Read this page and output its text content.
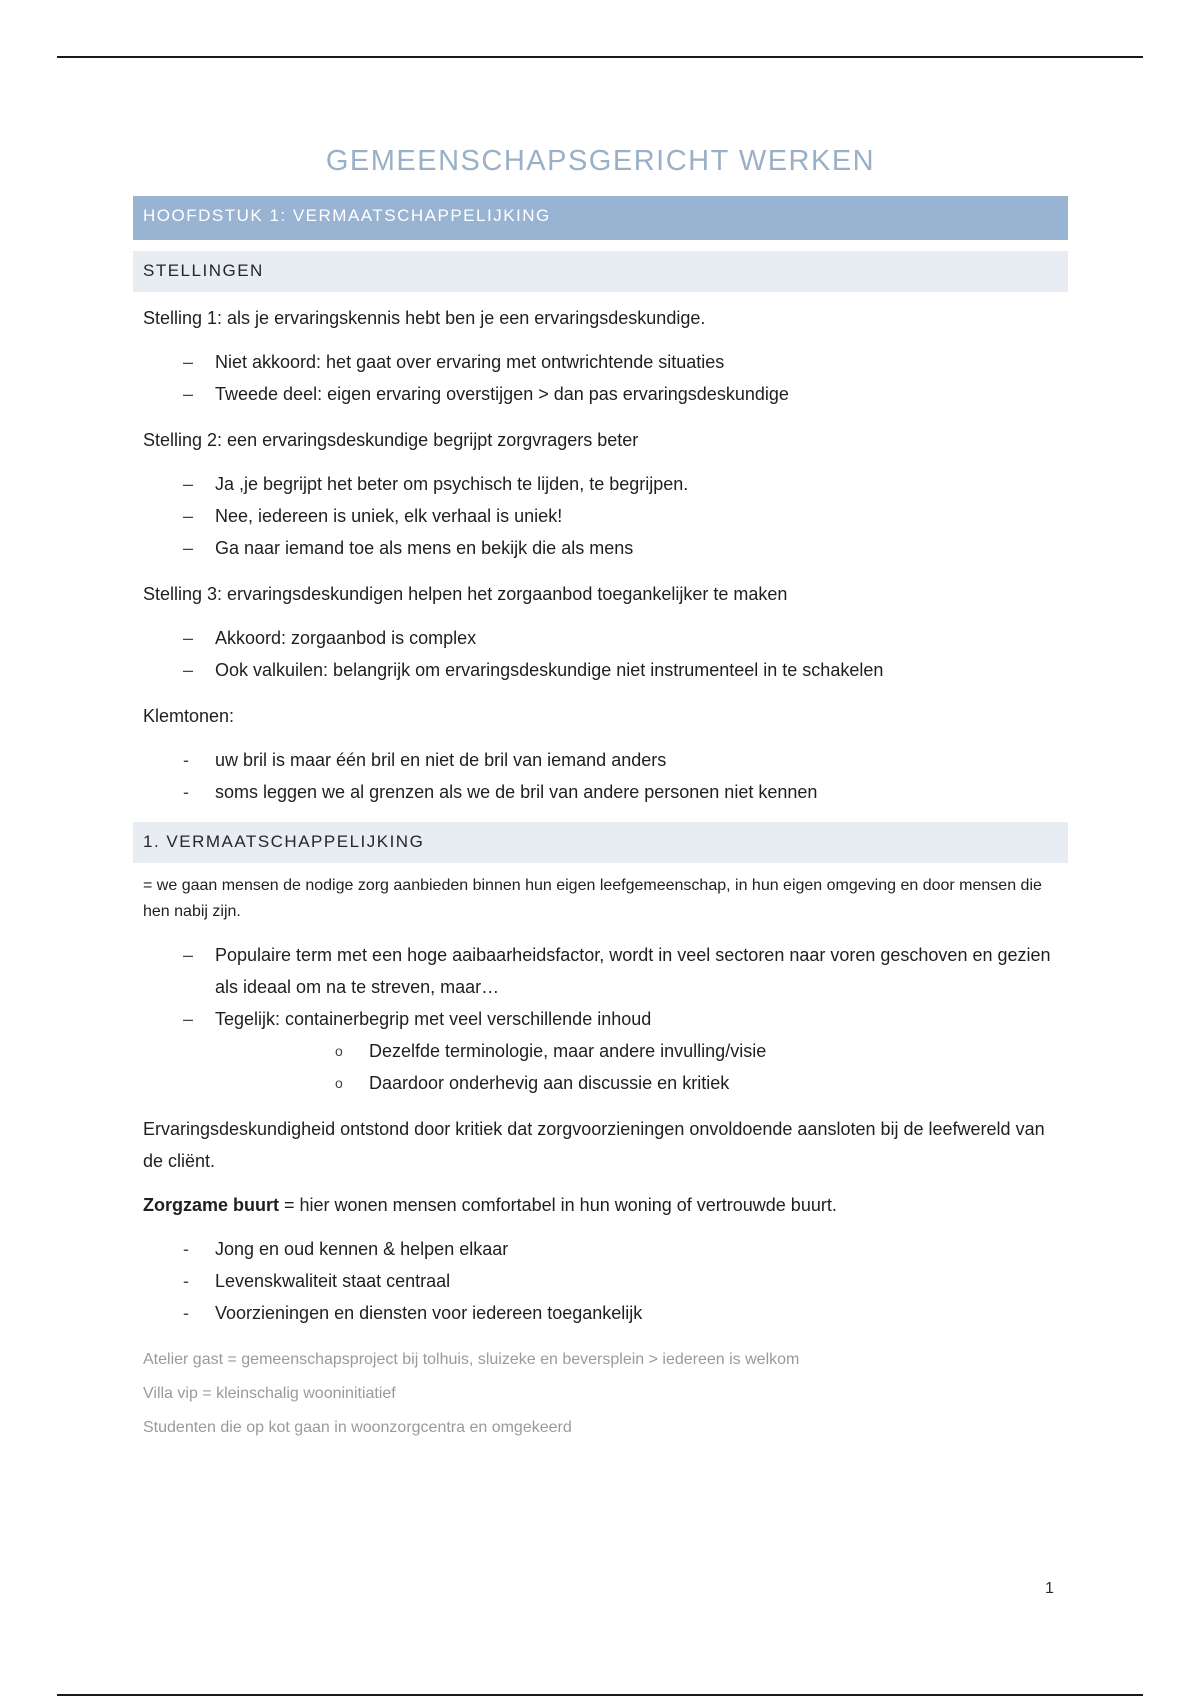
GEMEENSCHAPSGERICHT WERKEN
HOOFDSTUK 1: VERMAATSCHAPPELIJKING
STELLINGEN

Stelling 1: als je ervaringskennis hebt ben je een ervaringsdeskundige.

– Niet akkoord: het gaat over ervaring met ontwrichtende situaties
– Tweede deel: eigen ervaring overstijgen > dan pas ervaringsdeskundige

Stelling 2: een ervaringsdeskundige begrijpt zorgvragers beter

– Ja ,je begrijpt het beter om psychisch te lijden, te begrijpen.
– Nee, iedereen is uniek, elk verhaal is uniek!
– Ga naar iemand toe als mens en bekijk die als mens

Stelling 3: ervaringsdeskundigen helpen het zorgaanbod toegankelijker te maken

– Akkoord: zorgaanbod is complex
– Ook valkuilen: belangrijk om ervaringsdeskundige niet instrumenteel in te schakelen

Klemtonen:

- uw bril is maar één bril en niet de bril van iemand anders
- soms leggen we al grenzen als we de bril van andere personen niet kennen
1. VERMAATSCHAPPELIJKING

= we gaan mensen de nodige zorg aanbieden binnen hun eigen leefgemeenschap, in hun eigen omgeving en door mensen die hen nabij zijn.

– Populaire term met een hoge aaibaarheidsfactor, wordt in veel sectoren naar voren geschoven en gezien als ideaal om na te streven, maar…
– Tegelijk: containerbegrip met veel verschillende inhoud
o Dezelfde terminologie, maar andere invulling/visie
o Daardoor onderhevig aan discussie en kritiek

Ervaringsdeskundigheid ontstond door kritiek dat zorgvoorzieningen onvoldoende aansloten bij de leefwereld van de cliënt.

Zorgzame buurt = hier wonen mensen comfortabel in hun woning of vertrouwde buurt.

- Jong en oud kennen & helpen elkaar
- Levenskwaliteit staat centraal
- Voorzieningen en diensten voor iedereen toegankelijk

Atelier gast = gemeenschapsproject bij tolhuis, sluizeke en beversplein > iedereen is welkom

Villa vip = kleinschalig wooninitiatief

Studenten die op kot gaan in woonzorgcentra en omgekeerd

1
